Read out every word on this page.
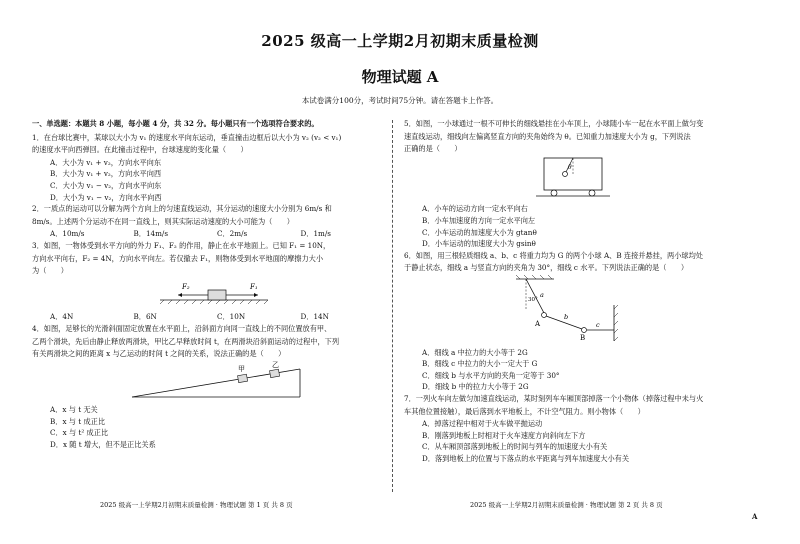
2025 级高一上学期2月初期末质量检测
物理试题 A
本试卷满分100分，考试时间75分钟。请在答题卡上作答。
一、单选题：本题共 8 小题，每小题 4 分，共 32 分。每小题只有一个选项符合要求的。
1．在台球比赛中，某球以大小为 v₁ 的速度水平向东运动，垂直撞击边框后以大小为 v₂ (v₂ < v₁)
的速度水平向西弹回。在此撞击过程中，台球速度的变化量（　　）
A．大小为 v₁ + v₂，方向水平向东
B．大小为 v₁ + v₂，方向水平向西
C．大小为 v₁ − v₂，方向水平向东
D．大小为 v₁ − v₂，方向水平向西
2．一质点的运动可以分解为两个方向上的匀速直线运动，其分运动的速度大小分别为 6m/s 和
8m/s。上述两个分运动不在同一直线上，则其实际运动速度的大小可能为（　　）
A．10m/s	B．14m/s	C．2m/s	D．1m/s
3．如图，一物体受到水平方向的外力 F₁、F₂ 的作用，静止在水平地面上。已知 F₁ = 10N，
方向水平向右，F₂ = 4N，方向水平向左。若仅撤去 F₁，则物体受到水平地面的摩擦力大小
为（　　）
F₂	F₁
A．4N	B．6N	C．10N	D．14N
4．如图，足够长的光滑斜面固定放置在水平面上，沿斜面方向同一直线上的不同位置放有甲、
乙两个滑块，先后由静止释放两滑块，甲比乙早释放时间 t，在两滑块沿斜面运动的过程中，下列
有关两滑块之间的距离 x 与乙运动的时间 t 之间的关系，说法正确的是（　　）
甲	乙
A．x 与 t 无关
B．x 与 t 成正比
C．x 与 t² 成正比
D．x 随 t 增大，但不是正比关系
5．如图，一小球通过一根不可伸长的细线悬挂在小车顶上，小球随小车一起在水平面上做匀变
速直线运动，细线向左偏离竖直方向的夹角始终为 θ。已知重力加速度大小为 g，下列说法
正确的是（　　）
θ
A．小车的运动方向一定水平向右
B．小车加速度的方向一定水平向左
C．小车运动的加速度大小为 gtanθ
D．小车运动的加速度大小为 gsinθ
6．如图，用三根轻质细线 a、b、c 将重力均为 G 的两个小球 A、B 连接并悬挂，两小球均处
于静止状态，细线 a 与竖直方向的夹角为 30°，细线 c 水平。下列说法正确的是（　　）
30°
a
A
b
B
c
A．细线 a 中拉力的大小等于 2G
B．细线 c 中拉力的大小一定大于 G
C．细线 b 与水平方向的夹角一定等于 30°
D．细线 b 中的拉力大小等于 2G
7．一列火车向左做匀加速直线运动，某时刻列车车厢顶部掉落一个小物体（掉落过程中未与火
车其他位置接触），最后落到水平地板上，不计空气阻力。则小物体（　　）
A．掉落过程中相对于火车做平抛运动
B．刚落到地板上时相对于火车速度方向斜向左下方
C．从车厢顶部落到地板上的时间与列车的加速度大小有关
D．落到地板上的位置与下落点的水平距离与列车加速度大小有关
2025 级高一上学期2月初期末质量检测 · 物理试题 第 1 页 共 8 页	2025 级高一上学期2月初期末质量检测 · 物理试题 第 2 页 共 8 页
A
